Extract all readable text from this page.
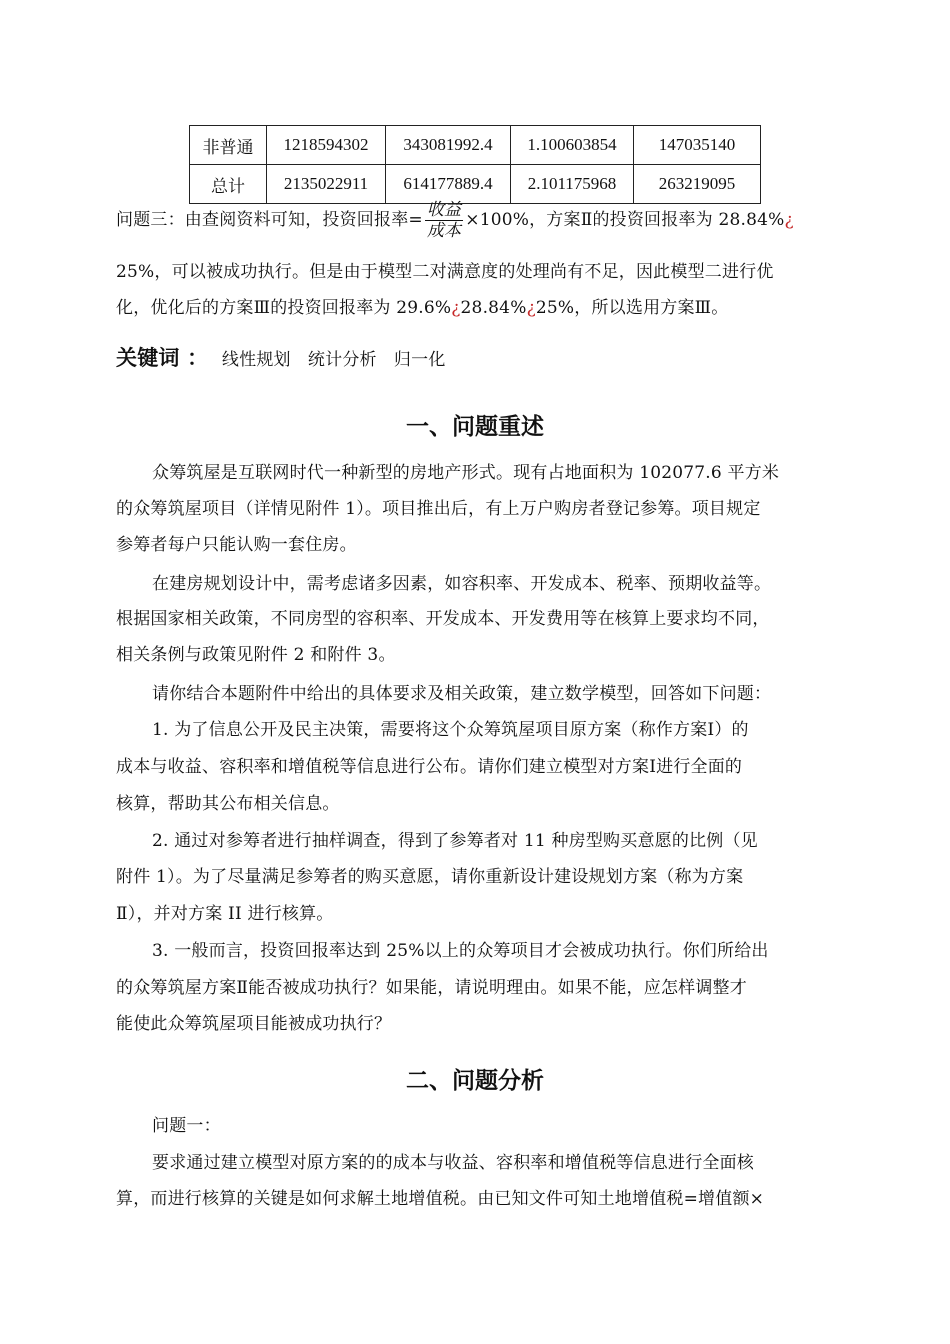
非普通	1218594302	343081992.4	1.100603854	147035140
总计	2135022911	614177889.4	2.101175968	263219095
问题三：由查阅资料可知，投资回报率= $\frac{\text{收益}}{\text{成本}} \times 100\%$，方案Ⅱ的投资回报率为 28.84%¿
25%，可以被成功执行。但是由于模型二对满意度的处理尚有不足，因此模型二进行优
化，优化后的方案Ⅲ的投资回报率为 29.6%¿28.84%¿25%，所以选用方案Ⅲ。
关键词 ： 线性规划　统计分析　归一化
一、问题重述
众筹筑屋是互联网时代一种新型的房地产形式。现有占地面积为 102077.6 平方米
的众筹筑屋项目（详情见附件 1）。项目推出后，有上万户购房者登记参筹。项目规定
参筹者每户只能认购一套住房。
在建房规划设计中，需考虑诸多因素，如容积率、开发成本、税率、预期收益等。
根据国家相关政策，不同房型的容积率、开发成本、开发费用等在核算上要求均不同，
相关条例与政策见附件 2 和附件 3。
请你结合本题附件中给出的具体要求及相关政策，建立数学模型，回答如下问题：
1. 为了信息公开及民主决策，需要将这个众筹筑屋项目原方案（称作方案Ⅰ）的
成本与收益、容积率和增值税等信息进行公布。请你们建立模型对方案Ⅰ进行全面的
核算，帮助其公布相关信息。
2. 通过对参筹者进行抽样调查，得到了参筹者对 11 种房型购买意愿的比例（见
附件 1）。为了尽量满足参筹者的购买意愿，请你重新设计建设规划方案（称为方案
Ⅱ），并对方案 II 进行核算。
3. 一般而言，投资回报率达到 25%以上的众筹项目才会被成功执行。你们所给出
的众筹筑屋方案Ⅱ能否被成功执行？如果能，请说明理由。如果不能，应怎样调整才
能使此众筹筑屋项目能被成功执行？
二、问题分析
问题一：
要求通过建立模型对原方案的的成本与收益、容积率和增值税等信息进行全面核
算，而进行核算的关键是如何求解土地增值税。由已知文件可知土地增值税=增值额×
